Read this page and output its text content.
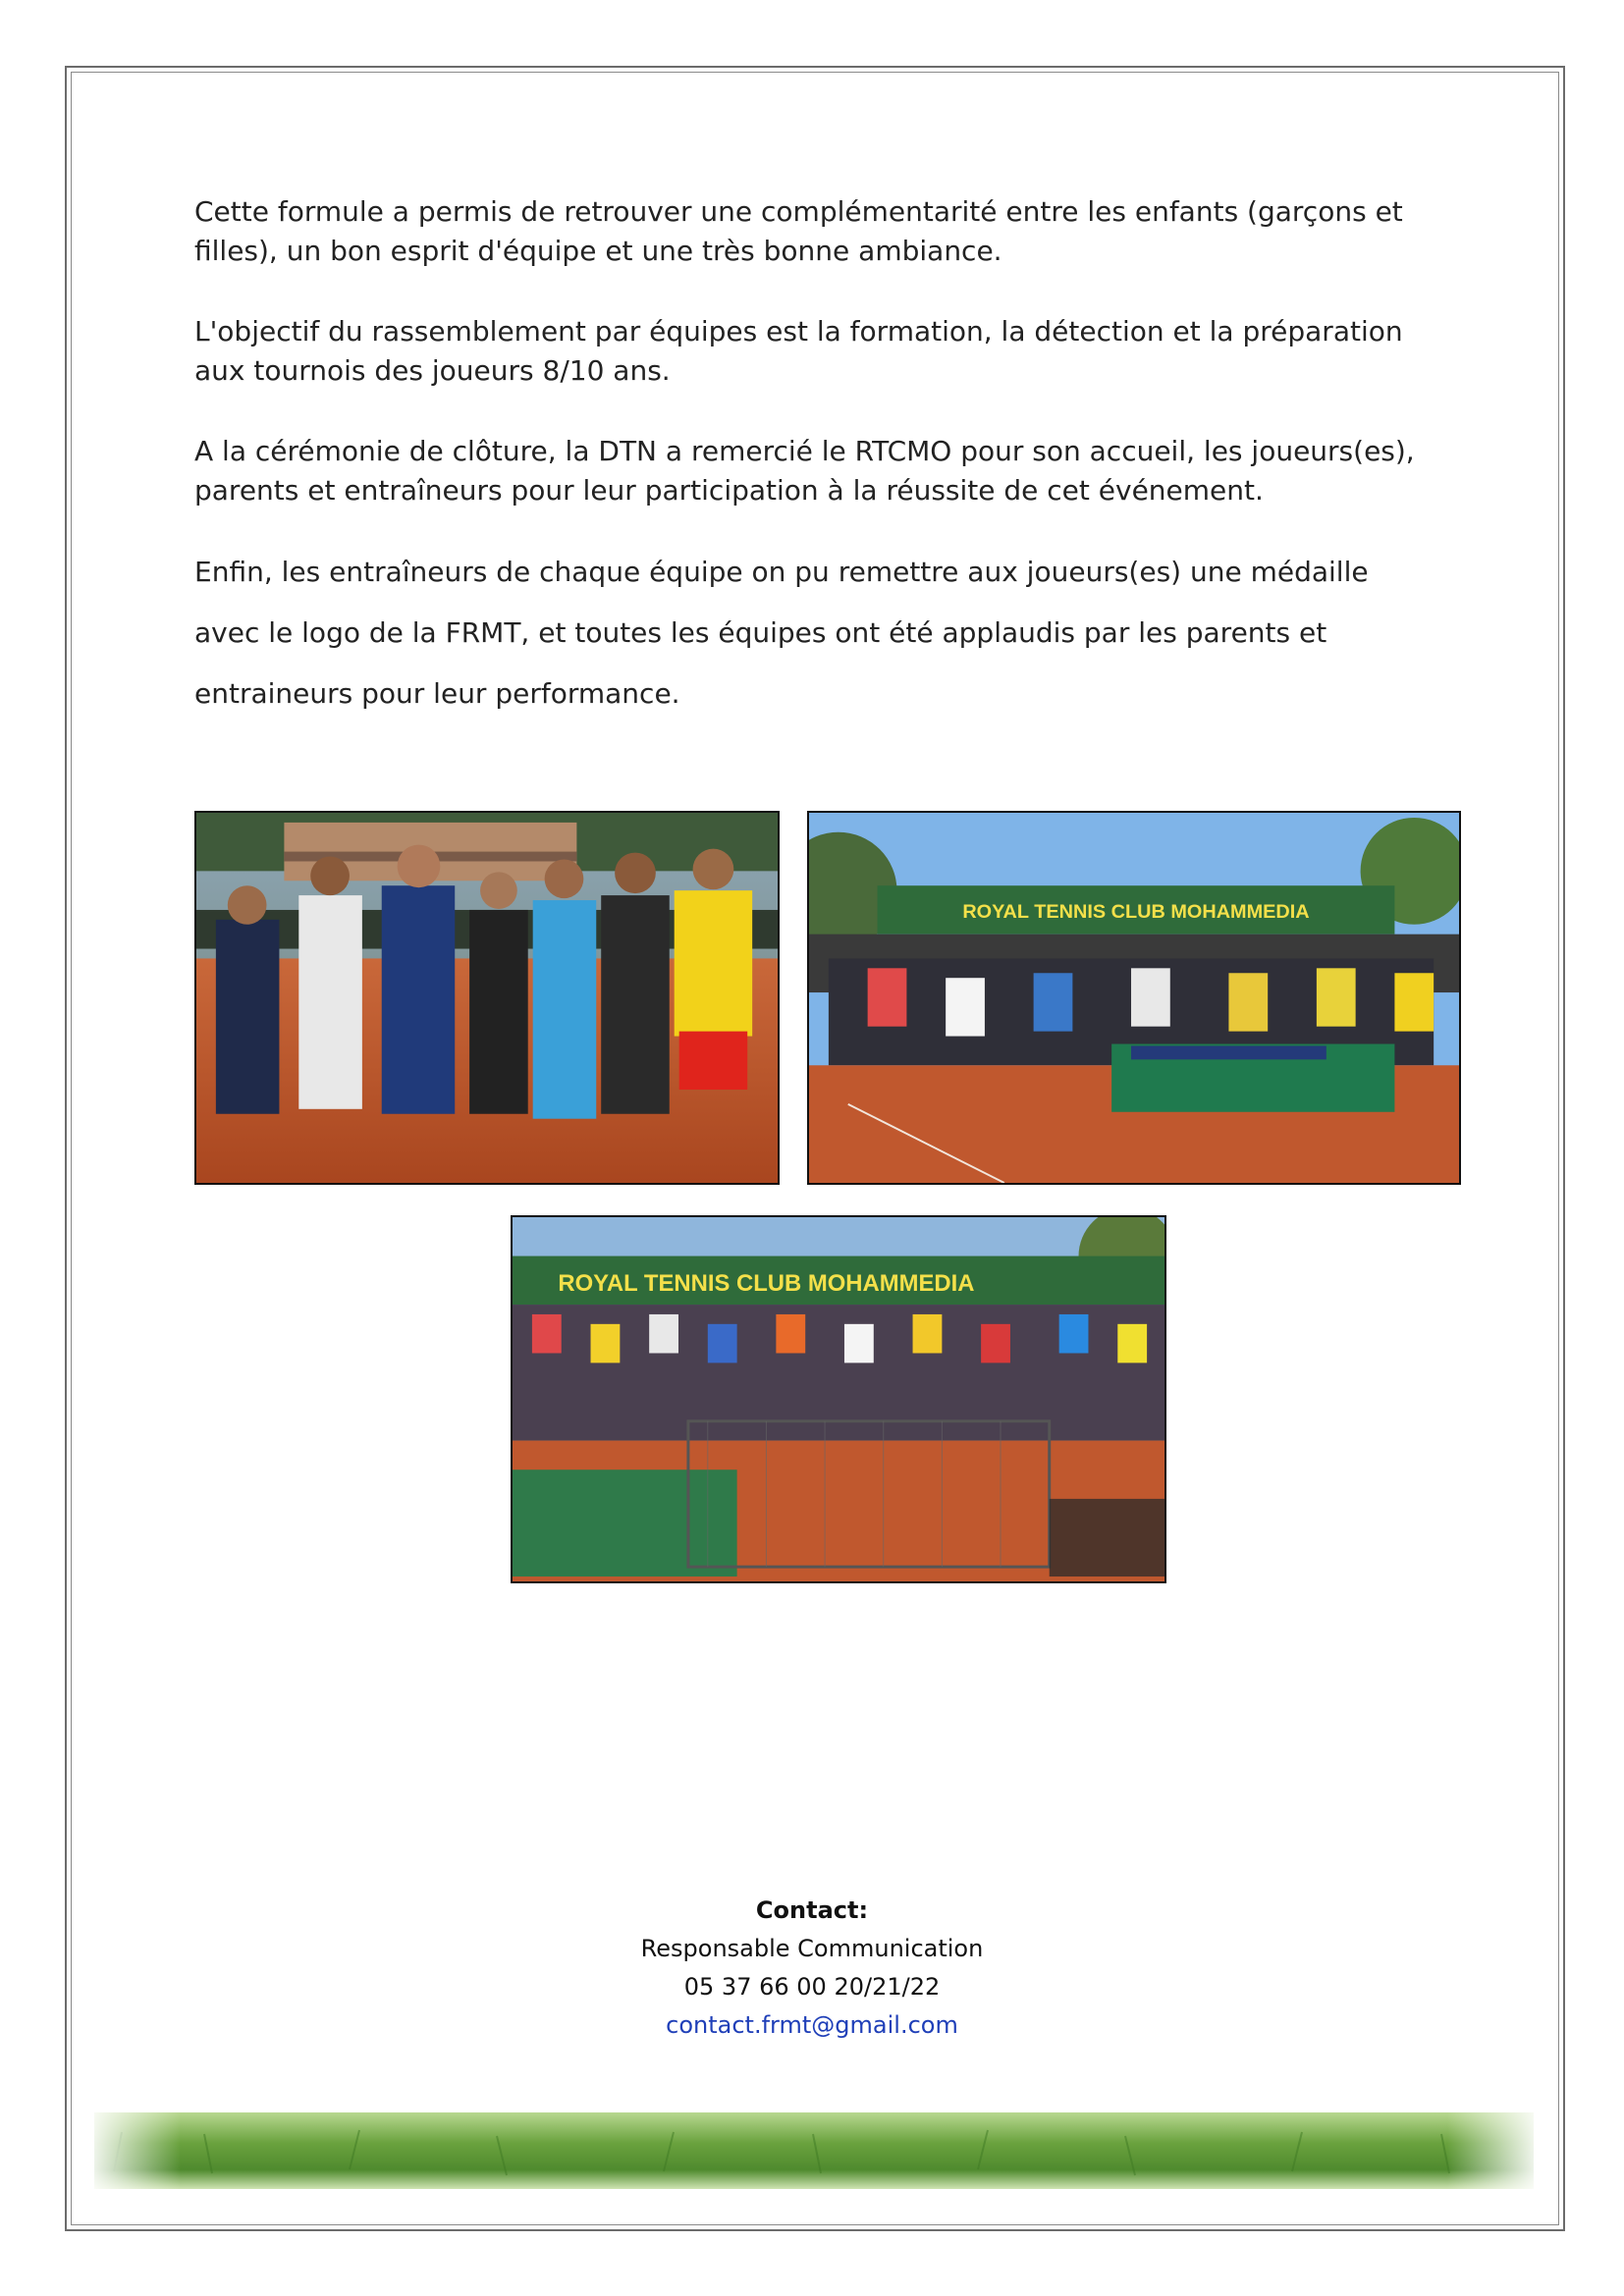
Cette formule a permis de retrouver une complémentarité entre les enfants (garçons et filles), un bon esprit d'équipe et une très bonne ambiance.

L'objectif du rassemblement par équipes est la formation, la détection et la préparation aux tournois des joueurs 8/10 ans.

A la cérémonie de clôture, la DTN a remercié le RTCMO pour son accueil, les joueurs(es), parents et entraîneurs pour leur participation à la réussite de cet événement.

Enfin, les entraîneurs de chaque équipe on pu remettre aux joueurs(es) une médaille avec le logo de la FRMT, et toutes les équipes ont été applaudis par les parents et entraineurs pour leur performance.

ROYAL TENNIS CLUB MOHAMMEDIA
ROYAL TENNIS CLUB MOHAMMEDIA
Contact:
Responsable Communication
05 37 66 00 20/21/22
contact.frmt@gmail.com
